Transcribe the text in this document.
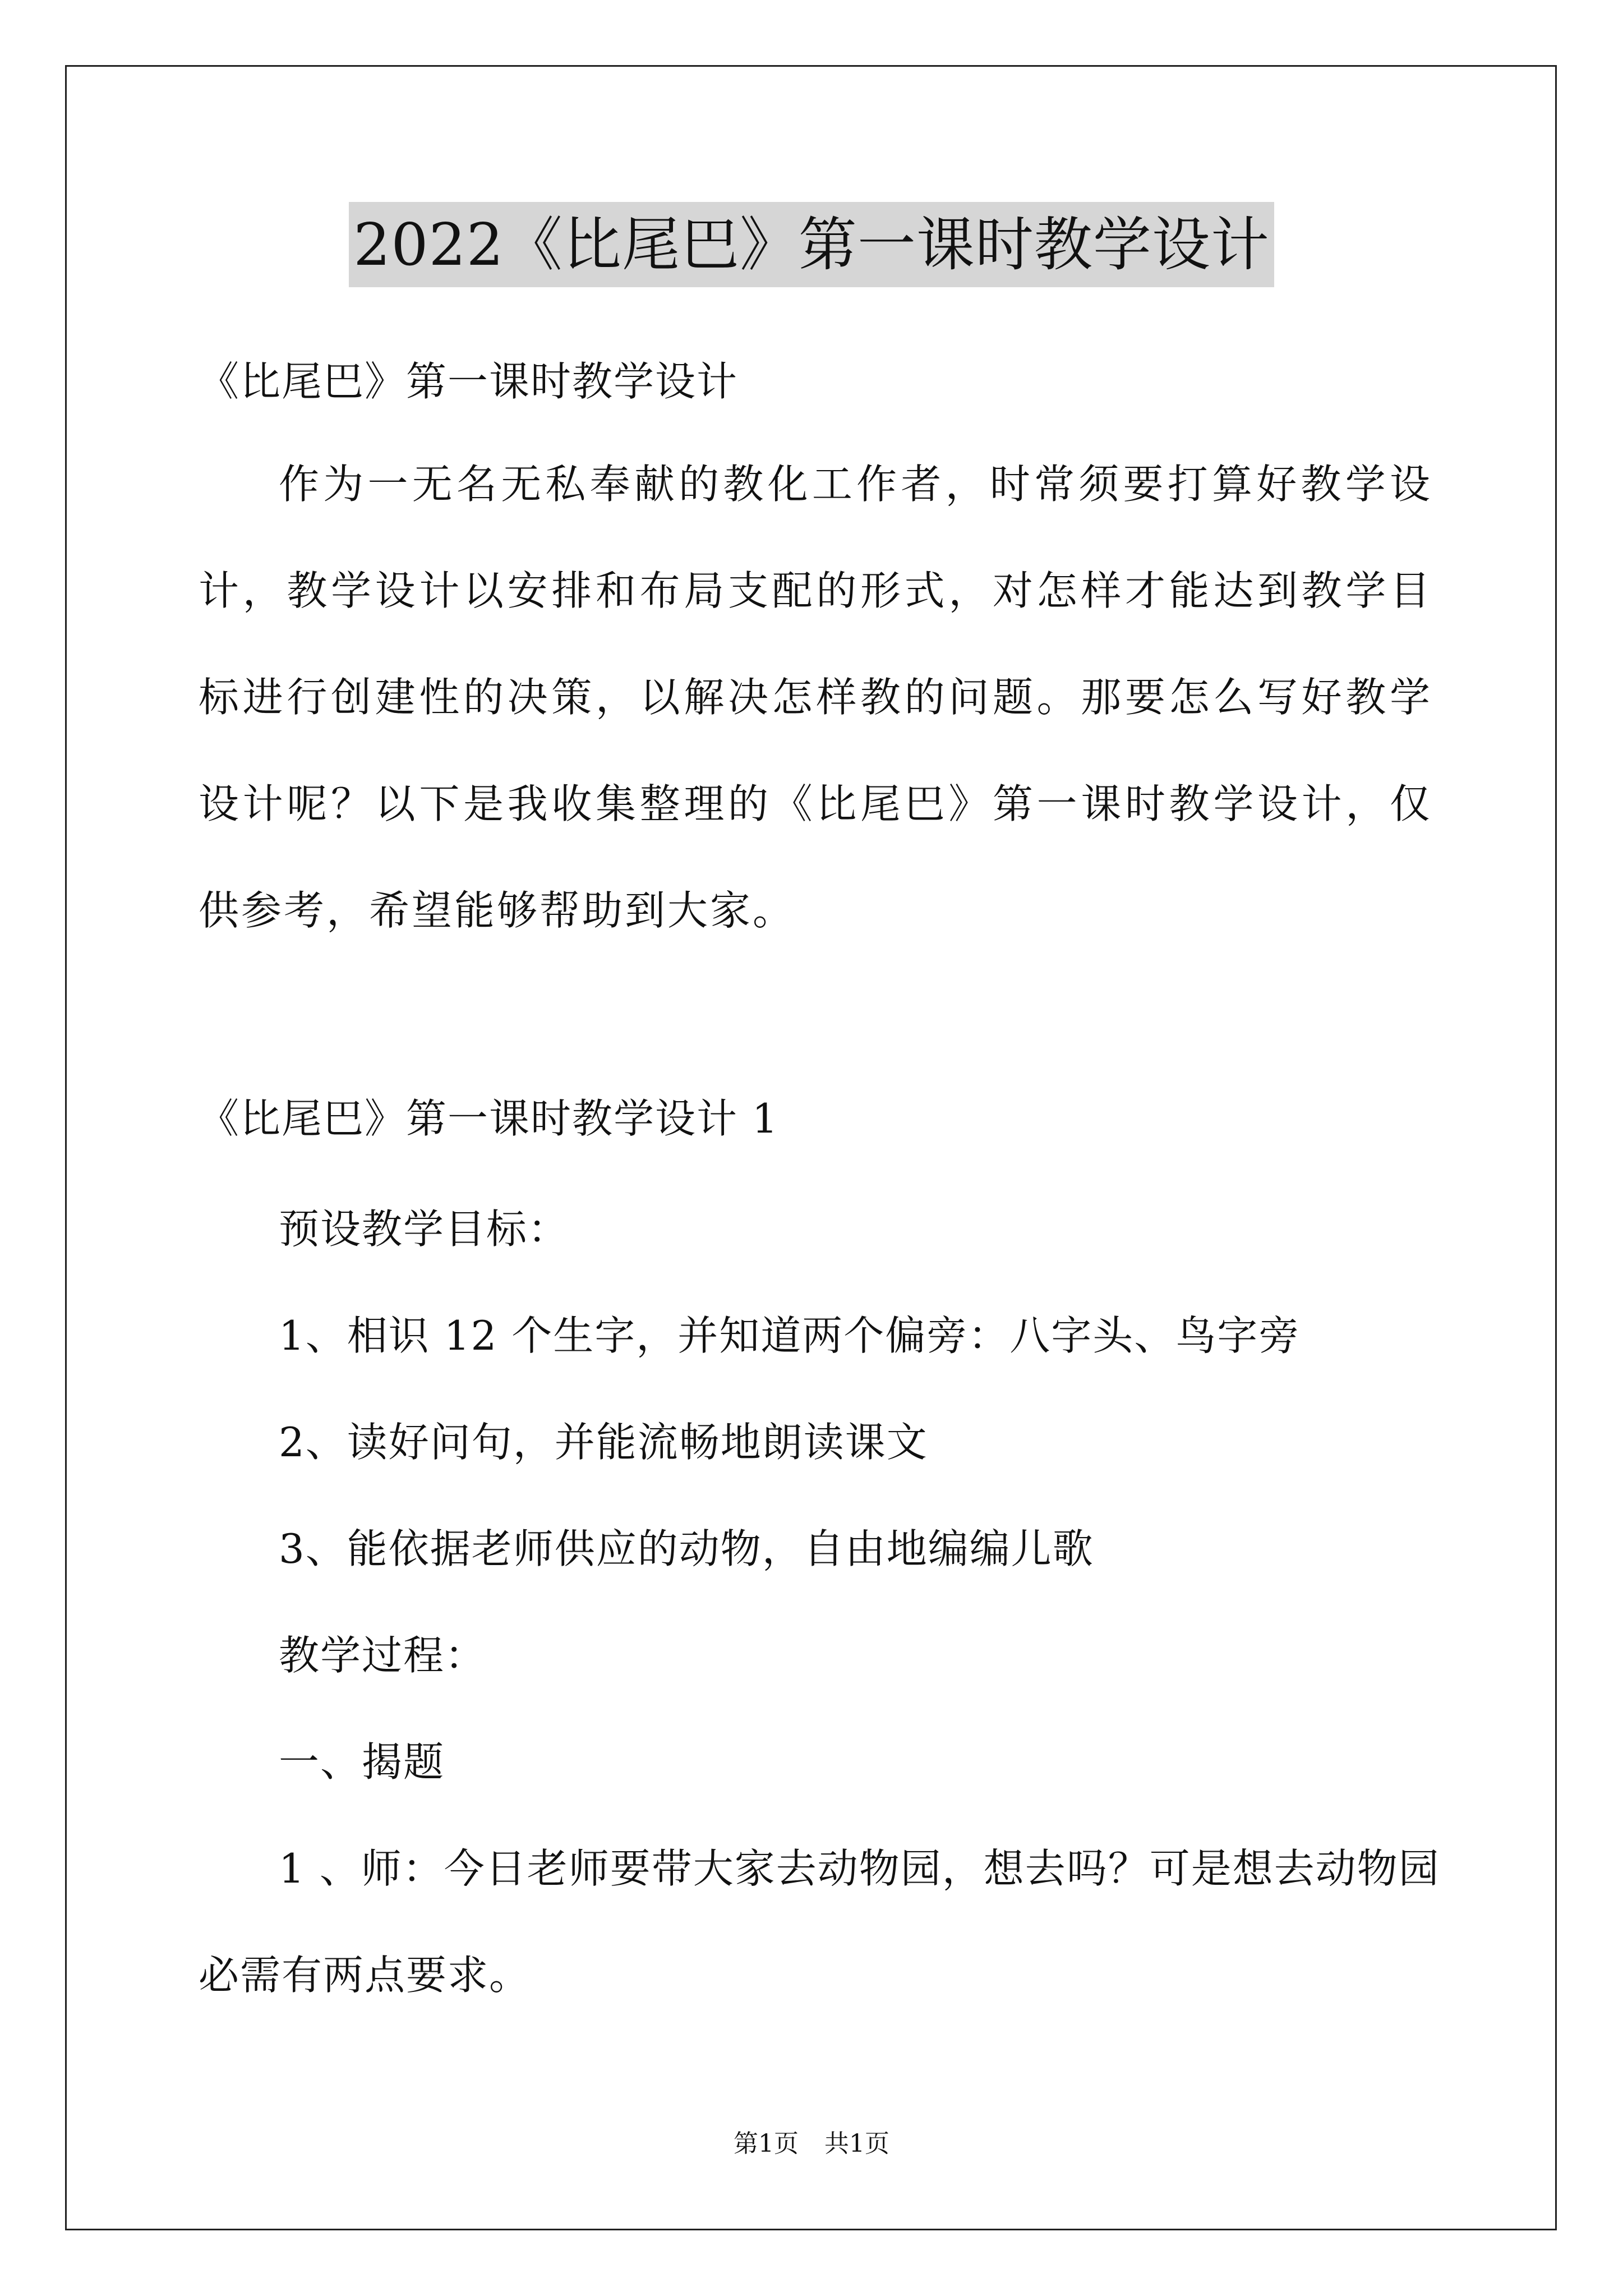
2022《比尾巴》第一课时教学设计
《比尾巴》第一课时教学设计
作为一无名无私奉献的教化工作者，时常须要打算好教学设计，教学设计以安排和布局支配的形式，对怎样才能达到教学目标进行创建性的决策，以解决怎样教的问题。那要怎么写好教学设计呢？以下是我收集整理的《比尾巴》第一课时教学设计，仅供参考，希望能够帮助到大家。
《比尾巴》第一课时教学设计 1
预设教学目标：
1、相识 12 个生字，并知道两个偏旁：八字头、鸟字旁
2、读好问句，并能流畅地朗读课文
3、能依据老师供应的动物，自由地编编儿歌
教学过程：
一、揭题
1 、师：今日老师要带大家去动物园，想去吗？可是想去动物园
必需有两点要求。
第1页 共1页
